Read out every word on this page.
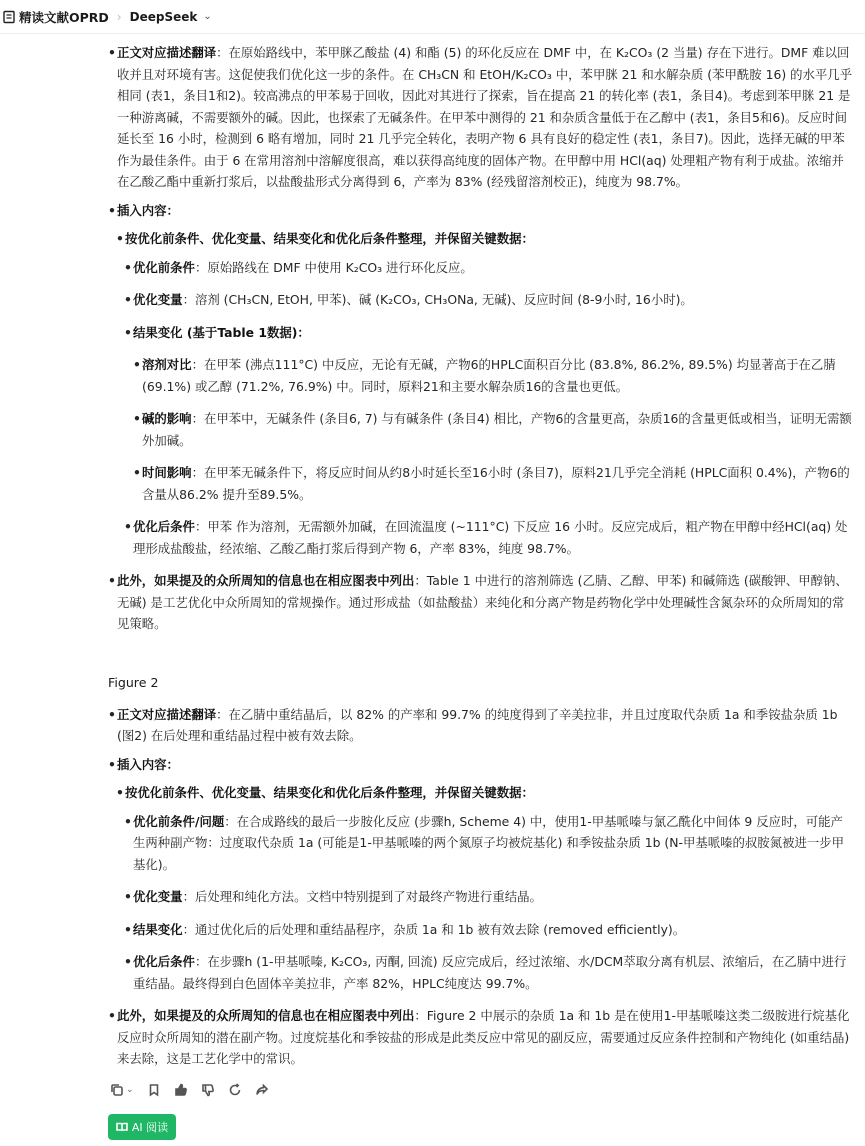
精读文献OPRD › DeepSeek ⌄
• 正文对应描述翻译：在原始路线中，苯甲脒乙酸盐 (4) 和酯 (5) 的环化反应在 DMF 中，在 K₂CO₃ (2 当量) 存在下进行。DMF 难以回收并且对环境有害。这促使我们优化这一步的条件。在 CH₃CN 和 EtOH/K₂CO₃ 中，苯甲脒 21 和水解杂质 (苯甲酰胺 16) 的水平几乎相同 (表1，条目1和2)。较高沸点的甲苯易于回收，因此对其进行了探索，旨在提高 21 的转化率 (表1，条目4)。考虑到苯甲脒 21 是一种游离碱，不需要额外的碱。因此，也探索了无碱条件。在甲苯中测得的 21 和杂质含量低于在乙醇中 (表1，条目5和6)。反应时间延长至 16 小时，检测到 6 略有增加，同时 21 几乎完全转化，表明产物 6 具有良好的稳定性 (表1，条目7)。因此，选择无碱的甲苯作为最佳条件。由于 6 在常用溶剂中溶解度很高，难以获得高纯度的固体产物。在甲醇中用 HCl(aq) 处理粗产物有利于成盐。浓缩并在乙酸乙酯中重新打浆后，以盐酸盐形式分离得到 6，产率为 83% (经残留溶剂校正)，纯度为 98.7%。
• 插入内容：
• 按优化前条件、优化变量、结果变化和优化后条件整理，并保留关键数据：
• 优化前条件：原始路线在 DMF 中使用 K₂CO₃ 进行环化反应。
• 优化变量：溶剂 (CH₃CN, EtOH, 甲苯)、碱 (K₂CO₃, CH₃ONa, 无碱)、反应时间 (8-9小时, 16小时)。
• 结果变化 (基于Table 1数据)：
• 溶剂对比：在甲苯 (沸点111°C) 中反应，无论有无碱，产物6的HPLC面积百分比 (83.8%, 86.2%, 89.5%) 均显著高于在乙腈 (69.1%) 或乙醇 (71.2%, 76.9%) 中。同时，原料21和主要水解杂质16的含量也更低。
• 碱的影响：在甲苯中，无碱条件 (条目6, 7) 与有碱条件 (条目4) 相比，产物6的含量更高，杂质16的含量更低或相当，证明无需额外加碱。
• 时间影响：在甲苯无碱条件下，将反应时间从约8小时延长至16小时 (条目7)，原料21几乎完全消耗 (HPLC面积 0.4%)，产物6的含量从86.2% 提升至89.5%。
• 优化后条件：甲苯 作为溶剂，无需额外加碱，在回流温度 (~111°C) 下反应 16 小时。反应完成后，粗产物在甲醇中经HCl(aq) 处理形成盐酸盐，经浓缩、乙酸乙酯打浆后得到产物 6，产率 83%，纯度 98.7%。
• 此外，如果提及的众所周知的信息也在相应图表中列出：Table 1 中进行的溶剂筛选 (乙腈、乙醇、甲苯) 和碱筛选 (碳酸钾、甲醇钠、无碱) 是工艺优化中众所周知的常规操作。通过形成盐（如盐酸盐）来纯化和分离产物是药物化学中处理碱性含氮杂环的众所周知的常见策略。
Figure 2
• 正文对应描述翻译：在乙腈中重结晶后，以 82% 的产率和 99.7% 的纯度得到了辛美拉非，并且过度取代杂质 1a 和季铵盐杂质 1b (图2) 在后处理和重结晶过程中被有效去除。
• 插入内容：
• 按优化前条件、优化变量、结果变化和优化后条件整理，并保留关键数据：
• 优化前条件/问题：在合成路线的最后一步胺化反应 (步骤h, Scheme 4) 中，使用1-甲基哌嗪与氯乙酰化中间体 9 反应时，可能产生两种副产物：过度取代杂质 1a (可能是1-甲基哌嗪的两个氮原子均被烷基化) 和季铵盐杂质 1b (N-甲基哌嗪的叔胺氮被进一步甲基化)。
• 优化变量：后处理和纯化方法。文档中特别提到了对最终产物进行重结晶。
• 结果变化：通过优化后的后处理和重结晶程序，杂质 1a 和 1b 被有效去除 (removed efficiently)。
• 优化后条件：在步骤h (1-甲基哌嗪, K₂CO₃, 丙酮, 回流) 反应完成后，经过浓缩、水/DCM萃取分离有机层、浓缩后，在乙腈中进行重结晶。最终得到白色固体辛美拉非，产率 82%，HPLC纯度达 99.7%。
• 此外，如果提及的众所周知的信息也在相应图表中列出：Figure 2 中展示的杂质 1a 和 1b 是在使用1-甲基哌嗪这类二级胺进行烷基化反应时众所周知的潜在副产物。过度烷基化和季铵盐的形成是此类反应中常见的副反应，需要通过反应条件控制和产物纯化 (如重结晶) 来去除，这是工艺化学中的常识。
⌄
AI 阅读
